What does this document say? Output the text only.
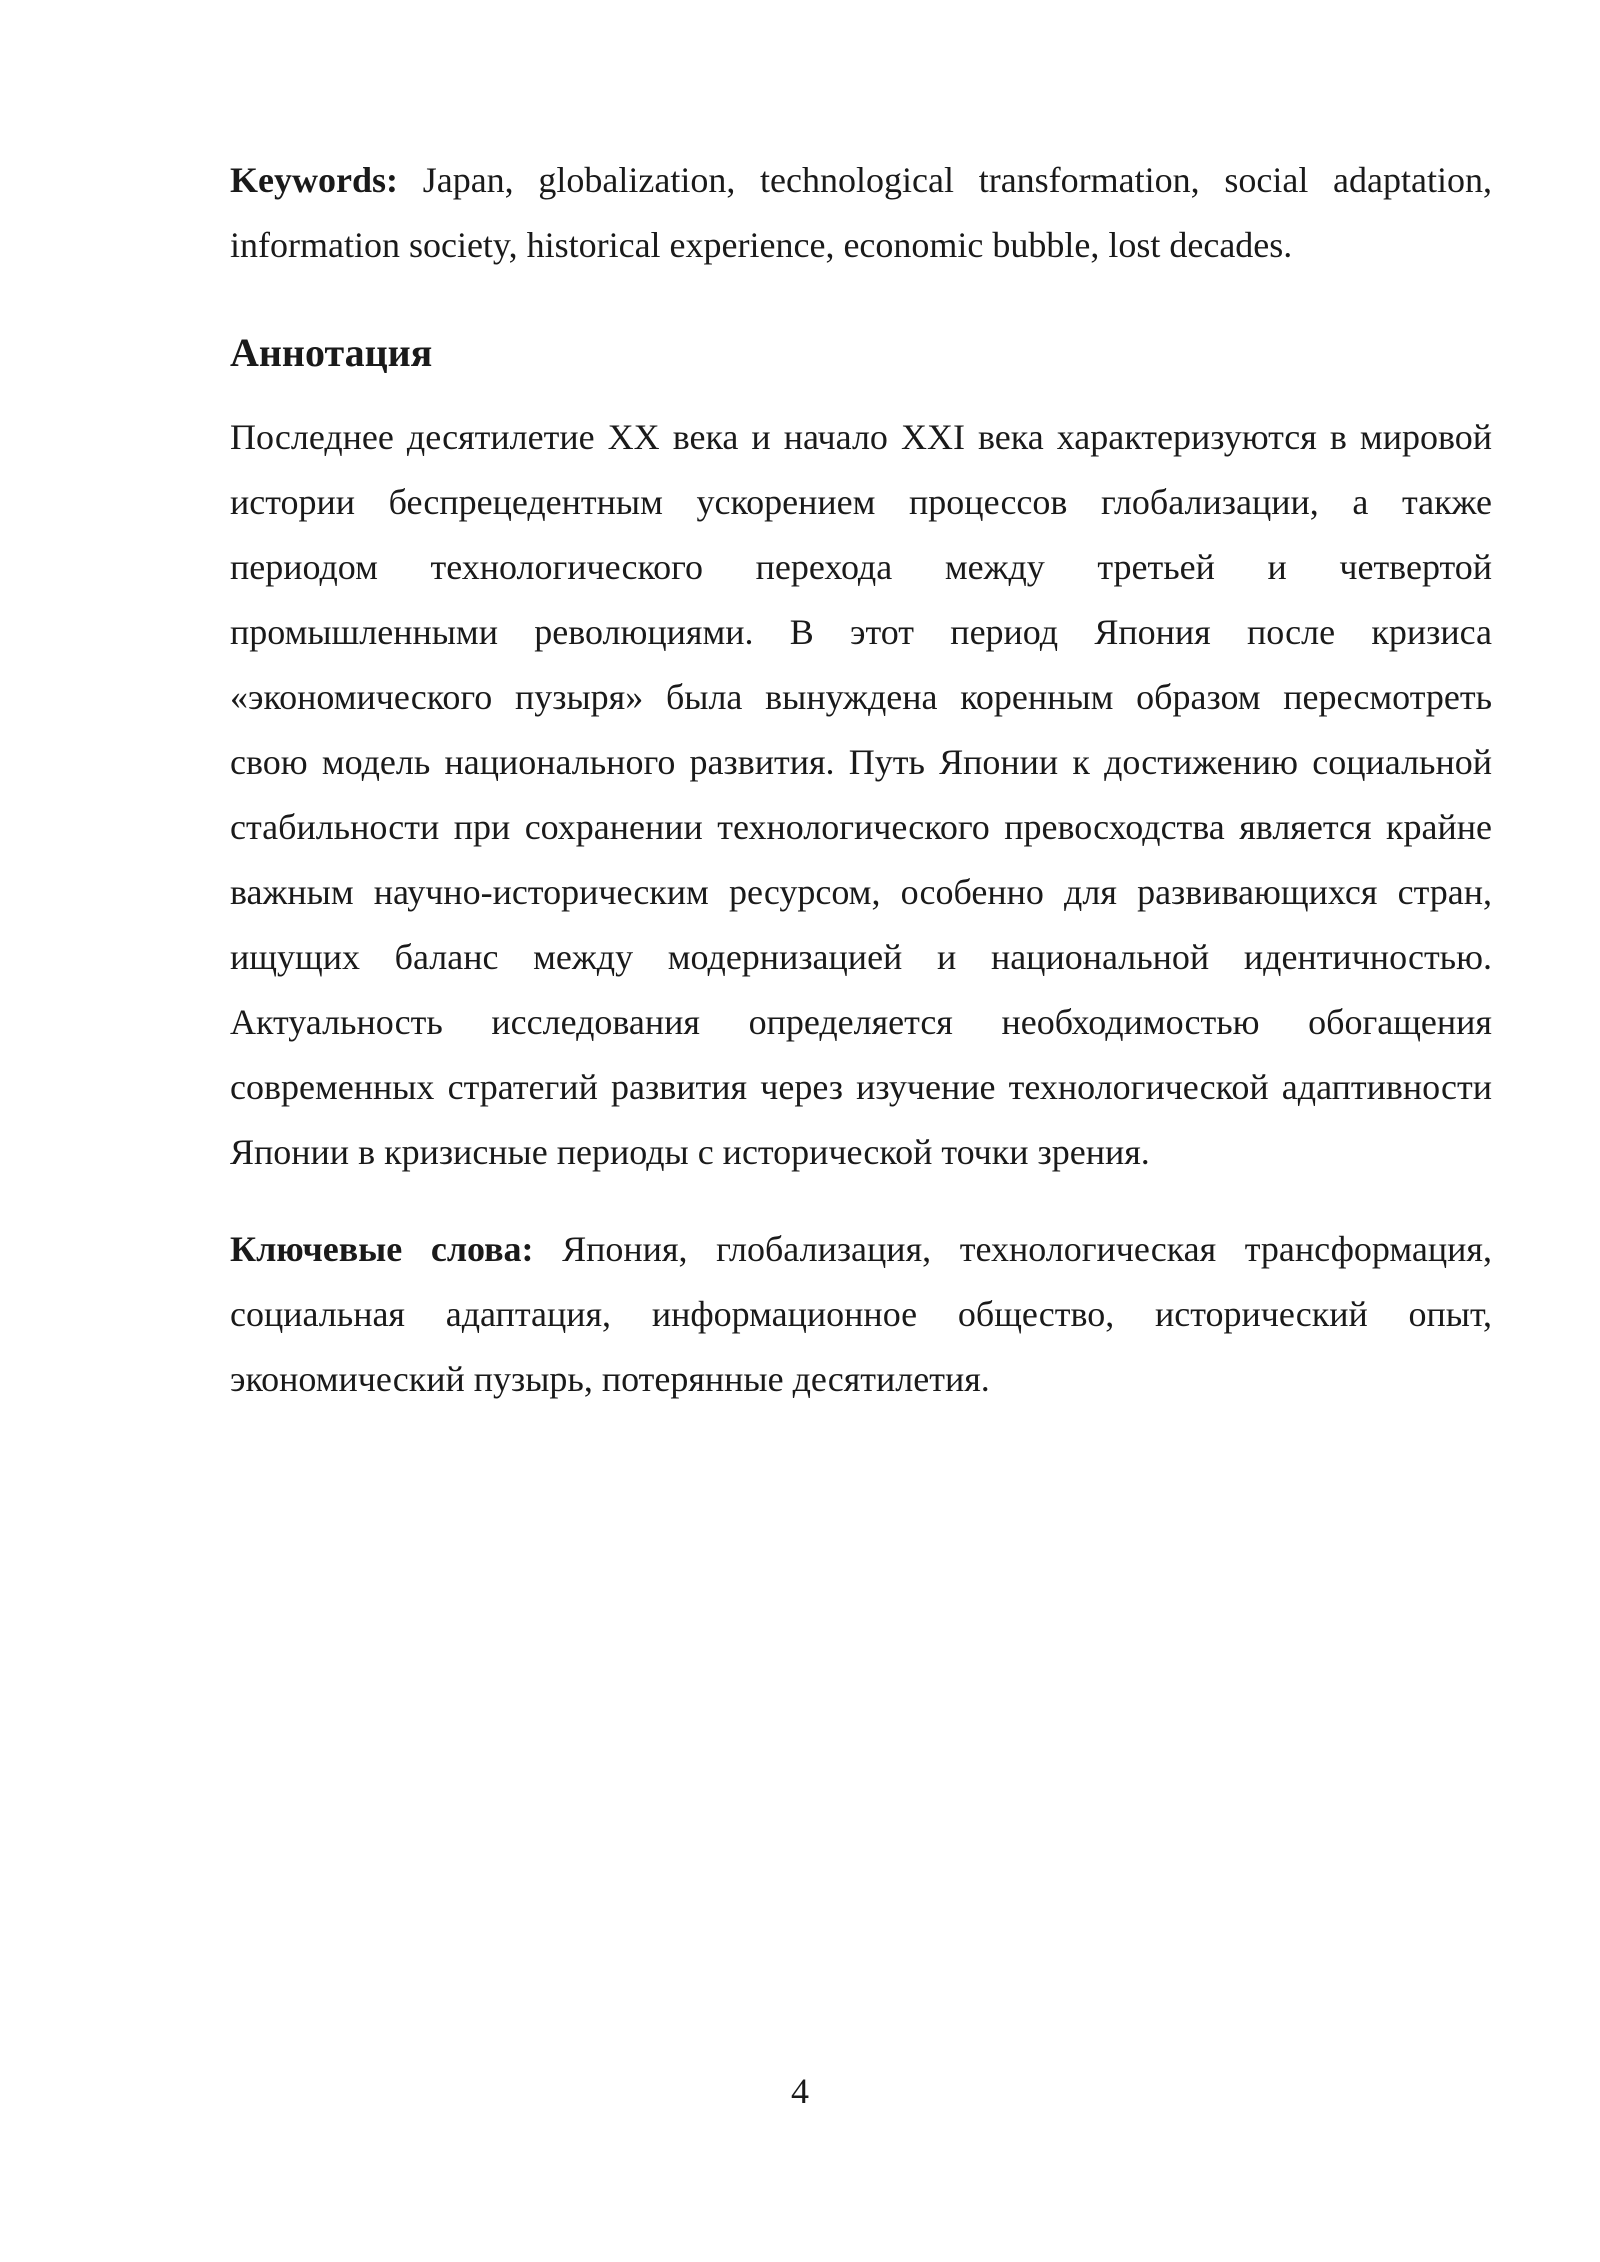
Keywords: Japan, globalization, technological transformation, social adaptation, information society, historical experience, economic bubble, lost decades.

Аннотация

Последнее десятилетие XX века и начало XXI века характеризуются в мировой истории беспрецедентным ускорением процессов глобализации, а также периодом технологического перехода между третьей и четвертой промышленными революциями. В этот период Япония после кризиса «экономического пузыря» была вынуждена коренным образом пересмотреть свою модель национального развития. Путь Японии к достижению социальной стабильности при сохранении технологического превосходства является крайне важным научно-историческим ресурсом, особенно для развивающихся стран, ищущих баланс между модернизацией и национальной идентичностью. Актуальность исследования определяется необходимостью обогащения современных стратегий развития через изучение технологической адаптивности Японии в кризисные периоды с исторической точки зрения.

Ключевые слова: Япония, глобализация, технологическая трансформация, социальная адаптация, информационное общество, исторический опыт, экономический пузырь, потерянные десятилетия.

4
